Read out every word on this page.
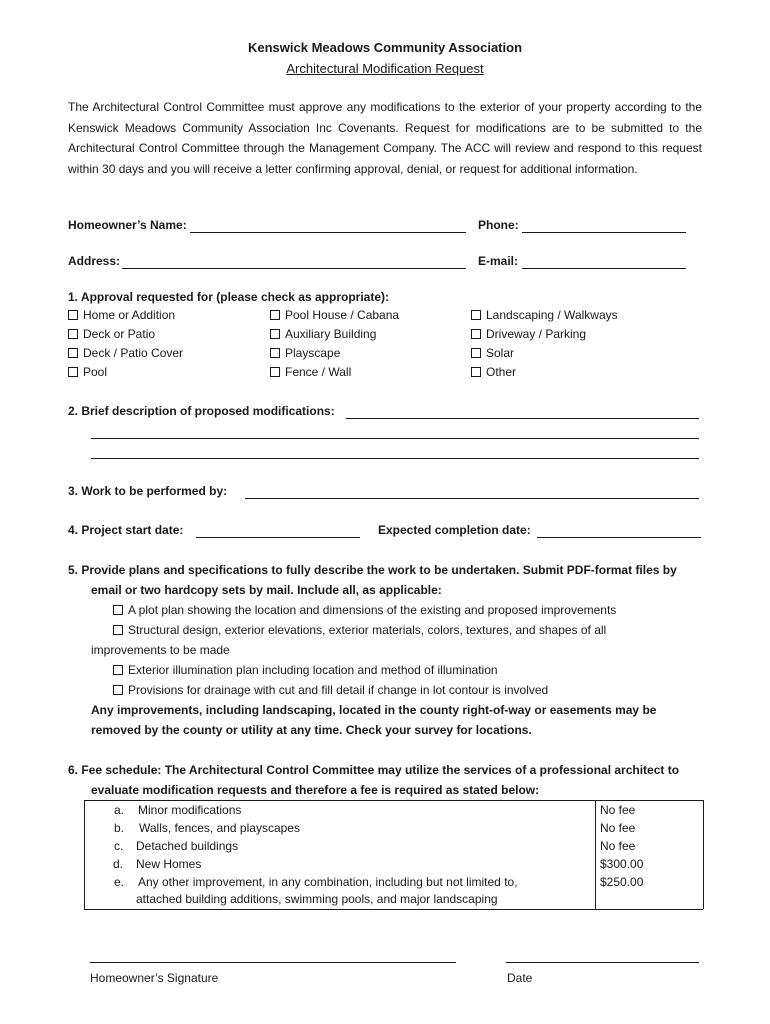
Kenswick Meadows Community Association
Architectural Modification Request
The Architectural Control Committee must approve any modifications to the exterior of your property according to the Kenswick Meadows Community Association Inc Covenants. Request for modifications are to be submitted to the Architectural Control Committee through the Management Company. The ACC will review and respond to this request within 30 days and you will receive a letter confirming approval, denial, or request for additional information.
Homeowner’s Name:	Phone:
Address:	E-mail:
1. Approval requested for (please check as appropriate):
Home or Addition
Deck or Patio
Deck / Patio Cover
Pool
Pool House / Cabana
Auxiliary Building
Playscape
Fence / Wall
Landscaping / Walkways
Driveway / Parking
Solar
Other
2. Brief description of proposed modifications:
3. Work to be performed by:
4. Project start date:	Expected completion date:
5. Provide plans and specifications to fully describe the work to be undertaken. Submit PDF-format files by
email or two hardcopy sets by mail. Include all, as applicable:
A plot plan showing the location and dimensions of the existing and proposed improvements
Structural design, exterior elevations, exterior materials, colors, textures, and shapes of all
improvements to be made
Exterior illumination plan including location and method of illumination
Provisions for drainage with cut and fill detail if change in lot contour is involved
Any improvements, including landscaping, located in the county right-of-way or easements may be
removed by the county or utility at any time. Check your survey for locations.
6. Fee schedule: The Architectural Control Committee may utilize the services of a professional architect to
evaluate modification requests and therefore a fee is required as stated below:
a. Minor modifications	No fee
b. Walls, fences, and playscapes	No fee
c. Detached buildings	No fee
d. New Homes	$300.00
e. Any other improvement, in any combination, including but not limited to,	$250.00
attached building additions, swimming pools, and major landscaping
Homeowner’s Signature	Date
